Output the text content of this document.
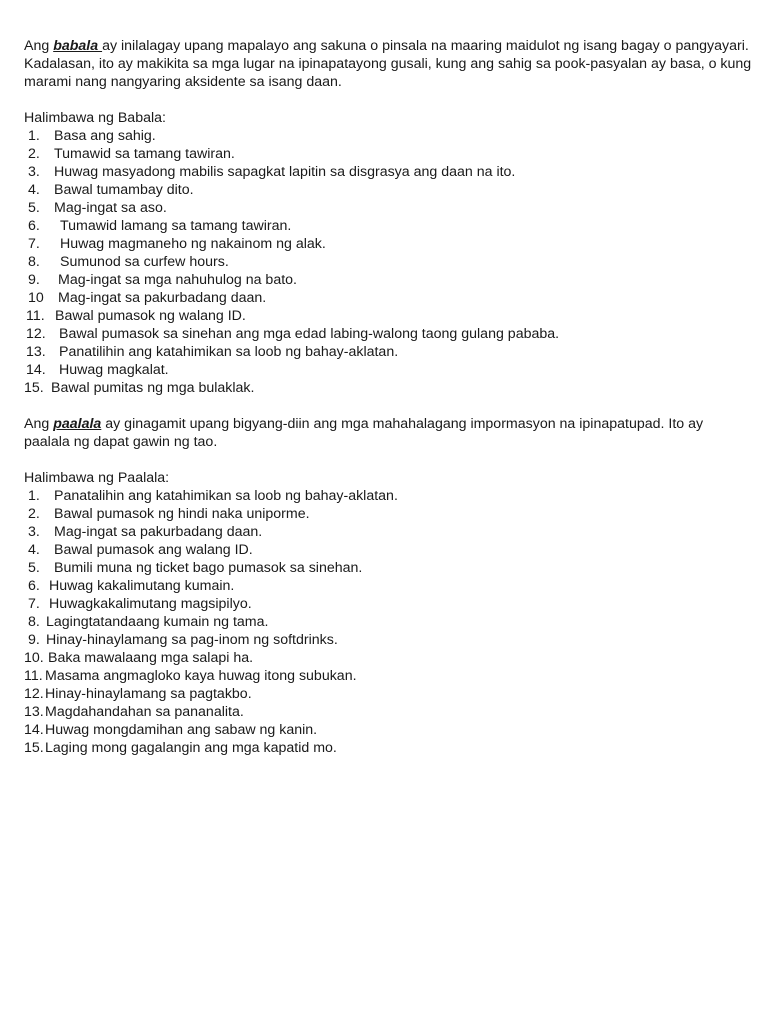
Ang babala ay inilalagay upang mapalayo ang sakuna o pinsala na maaring maidulot ng isang bagay o pangyayari. Kadalasan, ito ay makikita sa mga lugar na ipinapatayong gusali, kung ang sahig sa pook-pasyalan ay basa, o kung marami nang nangyaring aksidente sa isang daan.

Halimbawa ng Babala:

1. Basa ang sahig.
2. Tumawid sa tamang tawiran.
3. Huwag masyadong mabilis sapagkat lapitin sa disgrasya ang daan na ito.
4. Bawal tumambay dito.
5. Mag-ingat sa aso.
6. Tumawid lamang sa tamang tawiran.
7. Huwag magmaneho ng nakainom ng alak.
8. Sumunod sa curfew hours.
9. Mag-ingat sa mga nahuhulog na bato.
10 Mag-ingat sa pakurbadang daan.
11. Bawal pumasok ng walang ID.
12. Bawal pumasok sa sinehan ang mga edad labing-walong taong gulang pababa.
13. Panatilihin ang katahimikan sa loob ng bahay-aklatan.
14. Huwag magkalat.
15. Bawal pumitas ng mga bulaklak.

Ang paalala ay ginagamit upang bigyang-diin ang mga mahahalagang impormasyon na ipinapatupad. Ito ay paalala ng dapat gawin ng tao.

Halimbawa ng Paalala:

1. Panatalihin ang katahimikan sa loob ng bahay-aklatan.
2. Bawal pumasok ng hindi naka uniporme.
3. Mag-ingat sa pakurbadang daan.
4. Bawal pumasok ang walang ID.
5. Bumili muna ng ticket bago pumasok sa sinehan.
6. Huwag kakalimutang kumain.
7. Huwagkakalimutang magsipilyo.
8. Lagingtatandaang kumain ng tama.
9. Hinay-hinaylamang sa pag-inom ng softdrinks.
10. Baka mawalaang mga salapi ha.
11. Masama angmagloko kaya huwag itong subukan.
12.Hinay-hinaylamang sa pagtakbo.
13.Magdahandahan sa pananalita.
14.Huwag mongdamihan ang sabaw ng kanin.
15.Laging mong gagalangin ang mga kapatid mo.
